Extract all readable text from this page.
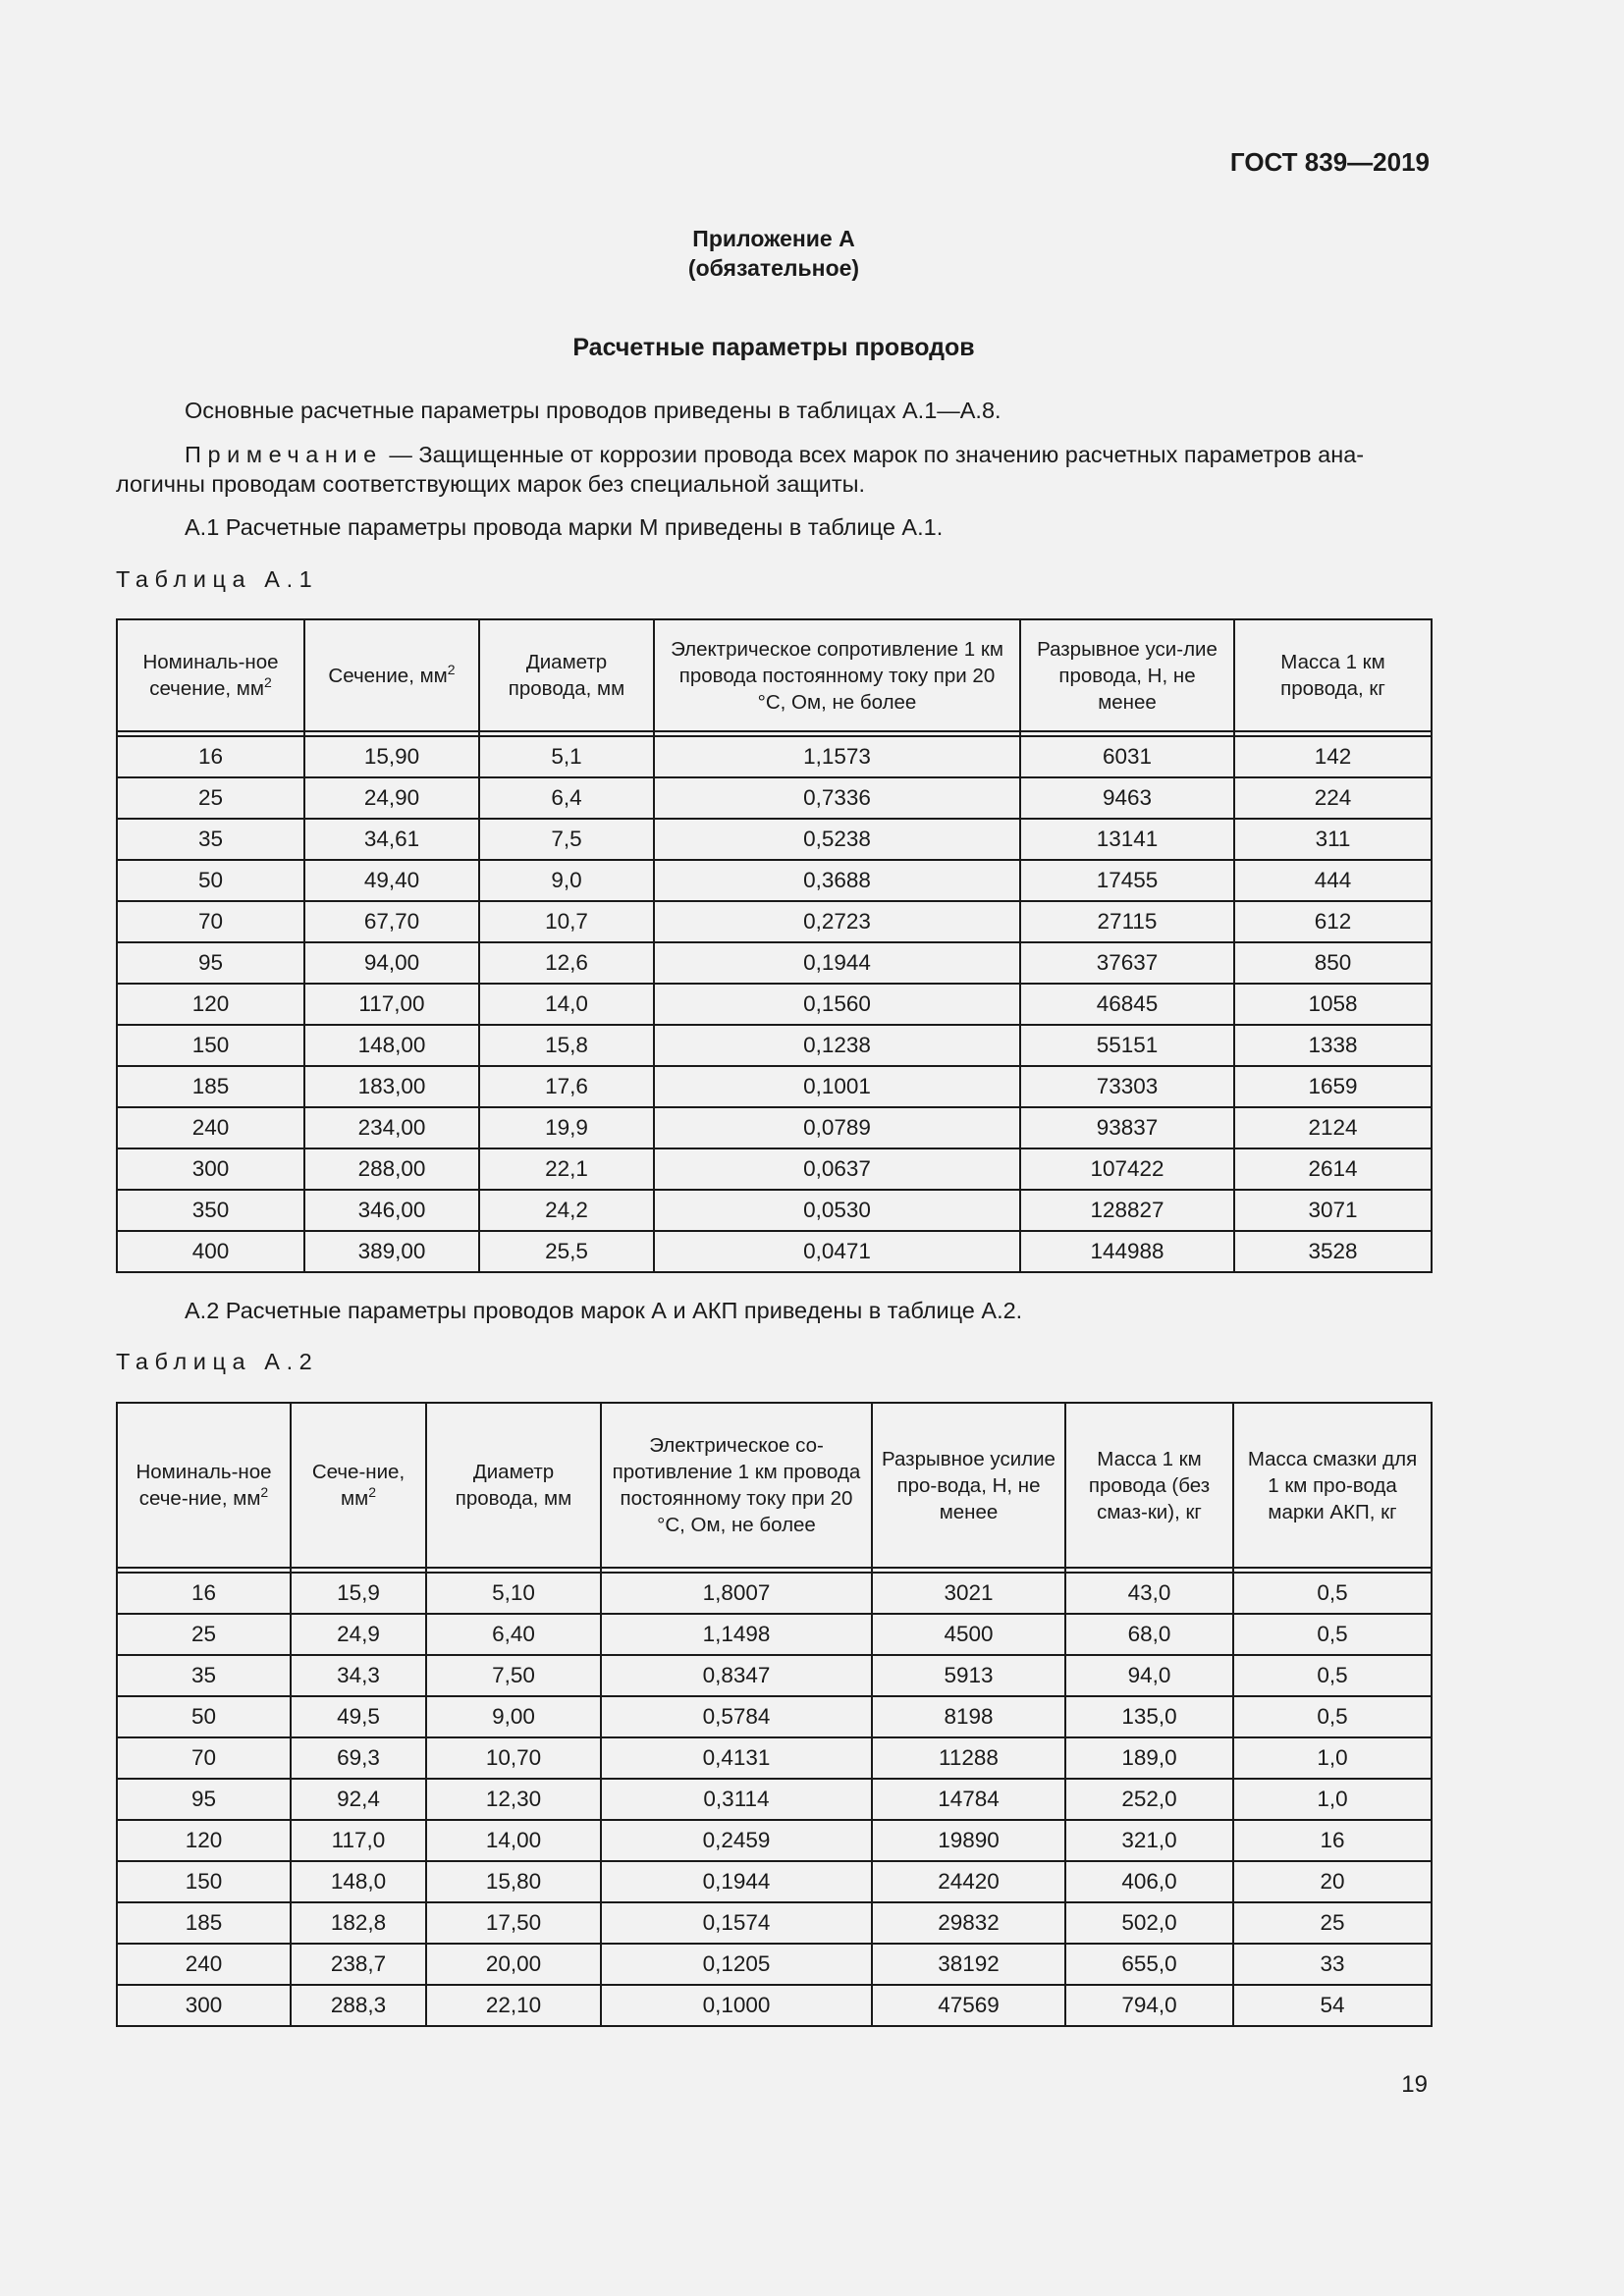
ГОСТ 839—2019
Приложение А
(обязательное)
Расчетные параметры проводов

Основные расчетные параметры проводов приведены в таблицах А.1—А.8.

Примечание — Защищенные от коррозии провода всех марок по значению расчетных параметров ана-
логичны проводам соответствующих марок без специальной защиты.

А.1 Расчетные параметры провода марки М приведены в таблице А.1.

Таблица А.1
Номиналь-ное сечение, $мм^2$	Сечение, $мм^2$	Диаметр провода, мм	Электрическое сопротивление 1 км провода постоянному току при 20 °С, Ом, не более	Разрывное уси-лие провода, Н, не менее	Масса 1 км провода, кг

16	15,90	5,1	1,1573	6031	142
25	24,90	6,4	0,7336	9463	224
35	34,61	7,5	0,5238	13141	311
50	49,40	9,0	0,3688	17455	444
70	67,70	10,7	0,2723	27115	612
95	94,00	12,6	0,1944	37637	850
120	117,00	14,0	0,1560	46845	1058
150	148,00	15,8	0,1238	55151	1338
185	183,00	17,6	0,1001	73303	1659
240	234,00	19,9	0,0789	93837	2124
300	288,00	22,1	0,0637	107422	2614
350	346,00	24,2	0,0530	128827	3071
400	389,00	25,5	0,0471	144988	3528

А.2 Расчетные параметры проводов марок А и АКП приведены в таблице А.2.

Таблица А.2
Номиналь-ное сече-ние, $мм^2$	Сече-ние, $мм^2$	Диаметр провода, мм	Электрическое со-противление 1 км провода постоянному току при 20 °С, Ом, не более	Разрывное усилие про-вода, Н, не менее	Масса 1 км провода (без смаз-ки), кг	Масса смазки для 1 км про-вода марки АКП, кг

16	15,9	5,10	1,8007	3021	43,0	0,5
25	24,9	6,40	1,1498	4500	68,0	0,5
35	34,3	7,50	0,8347	5913	94,0	0,5
50	49,5	9,00	0,5784	8198	135,0	0,5
70	69,3	10,70	0,4131	11288	189,0	1,0
95	92,4	12,30	0,3114	14784	252,0	1,0
120	117,0	14,00	0,2459	19890	321,0	16
150	148,0	15,80	0,1944	24420	406,0	20
185	182,8	17,50	0,1574	29832	502,0	25
240	238,7	20,00	0,1205	38192	655,0	33
300	288,3	22,10	0,1000	47569	794,0	54
19
